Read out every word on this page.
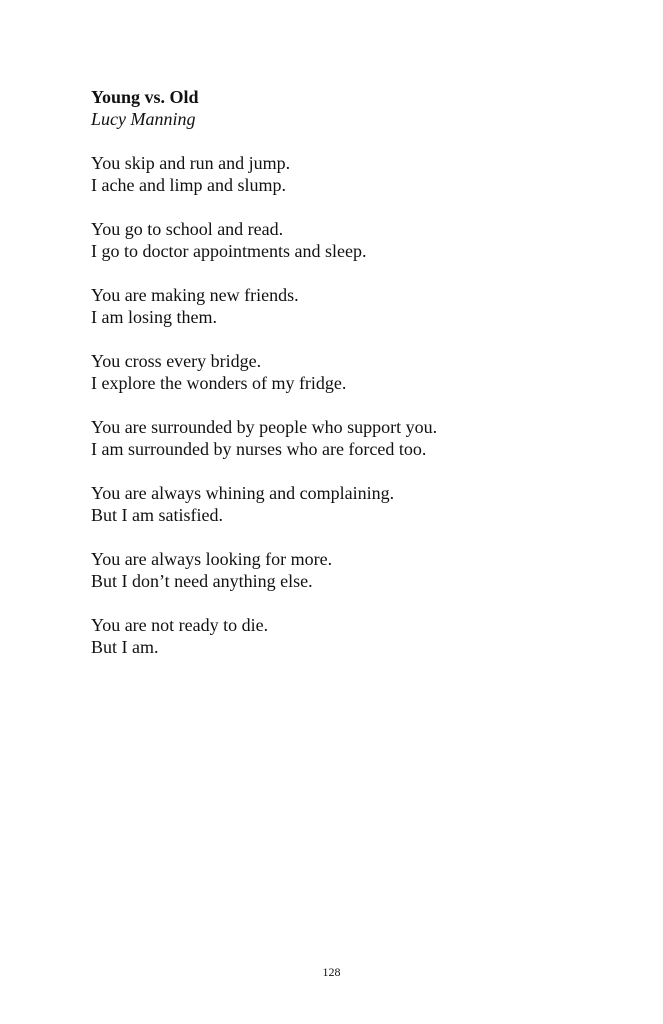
Young vs. Old
Lucy Manning
You skip and run and jump.
I ache and limp and slump.
You go to school and read.
I go to doctor appointments and sleep.
You are making new friends.
I am losing them.
You cross every bridge.
I explore the wonders of my fridge.
You are surrounded by people who support you.
I am surrounded by nurses who are forced too.
You are always whining and complaining.
But I am satisfied.
You are always looking for more.
But I don’t need anything else.
You are not ready to die.
But I am.
128
